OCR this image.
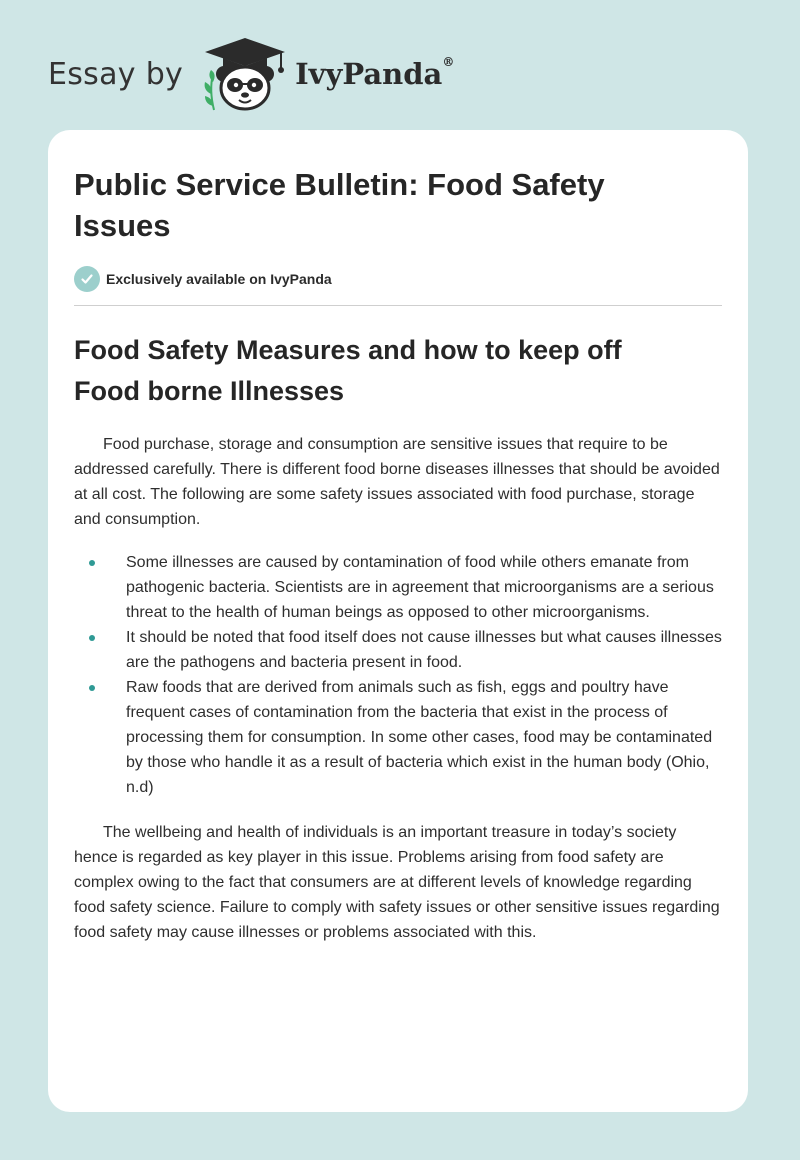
Essay by	IvyPanda®
Public Service Bulletin: Food Safety Issues
Exclusively available on IvyPanda
Food Safety Measures and how to keep off Food borne Illnesses

Food purchase, storage and consumption are sensitive issues that require to be addressed carefully. There is different food borne diseases illnesses that should be avoided at all cost. The following are some safety issues associated with food purchase, storage and consumption.

Some illnesses are caused by contamination of food while others emanate from pathogenic bacteria. Scientists are in agreement that microorganisms are a serious threat to the health of human beings as opposed to other microorganisms.
It should be noted that food itself does not cause illnesses but what causes illnesses are the pathogens and bacteria present in food.
Raw foods that are derived from animals such as fish, eggs and poultry have frequent cases of contamination from the bacteria that exist in the process of processing them for consumption. In some other cases, food may be contaminated by those who handle it as a result of bacteria which exist in the human body (Ohio, n.d)

The wellbeing and health of individuals is an important treasure in today’s society hence is regarded as key player in this issue. Problems arising from food safety are complex owing to the fact that consumers are at different levels of knowledge regarding food safety science. Failure to comply with safety issues or other sensitive issues regarding food safety may cause illnesses or problems associated with this.
